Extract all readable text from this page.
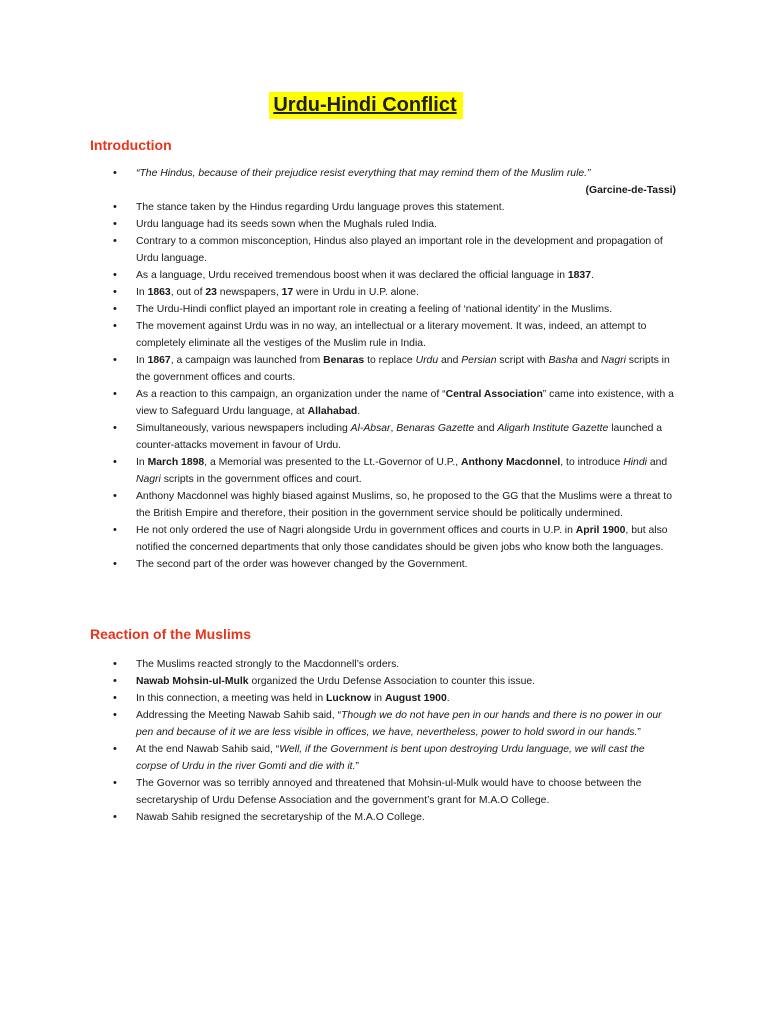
Urdu-Hindi Conflict
Introduction
• “The Hindus, because of their prejudice resist everything that may remind them of the Muslim rule.”
(Garcine-de-Tassi)
• The stance taken by the Hindus regarding Urdu language proves this statement.
• Urdu language had its seeds sown when the Mughals ruled India.
• Contrary to a common misconception, Hindus also played an important role in the development and propagation of Urdu language.
• As a language, Urdu received tremendous boost when it was declared the official language in 1837.
• In 1863, out of 23 newspapers, 17 were in Urdu in U.P. alone.
• The Urdu-Hindi conflict played an important role in creating a feeling of ‘national identity’ in the Muslims.
• The movement against Urdu was in no way, an intellectual or a literary movement. It was, indeed, an attempt to completely eliminate all the vestiges of the Muslim rule in India.
• In 1867, a campaign was launched from Benaras to replace Urdu and Persian script with Basha and Nagri scripts in the government offices and courts.
• As a reaction to this campaign, an organization under the name of “Central Association” came into existence, with a view to Safeguard Urdu language, at Allahabad.
• Simultaneously, various newspapers including Al-Absar, Benaras Gazette and Aligarh Institute Gazette launched a counter-attacks movement in favour of Urdu.
• In March 1898, a Memorial was presented to the Lt.-Governor of U.P., Anthony Macdonnel, to introduce Hindi and Nagri scripts in the government offices and court.
• Anthony Macdonnel was highly biased against Muslims, so, he proposed to the GG that the Muslims were a threat to the British Empire and therefore, their position in the government service should be politically undermined.
• He not only ordered the use of Nagri alongside Urdu in government offices and courts in U.P. in April 1900, but also notified the concerned departments that only those candidates should be given jobs who know both the languages.
• The second part of the order was however changed by the Government.
Reaction of the Muslims
• The Muslims reacted strongly to the Macdonnell’s orders.
• Nawab Mohsin-ul-Mulk organized the Urdu Defense Association to counter this issue.
• In this connection, a meeting was held in Lucknow in August 1900.
• Addressing the Meeting Nawab Sahib said, “Though we do not have pen in our hands and there is no power in our pen and because of it we are less visible in offices, we have, nevertheless, power to hold sword in our hands.”
• At the end Nawab Sahib said, “Well, if the Government is bent upon destroying Urdu language, we will cast the corpse of Urdu in the river Gomti and die with it.”
• The Governor was so terribly annoyed and threatened that Mohsin-ul-Mulk would have to choose between the secretaryship of Urdu Defense Association and the government’s grant for M.A.O College.
• Nawab Sahib resigned the secretaryship of the M.A.O College.
